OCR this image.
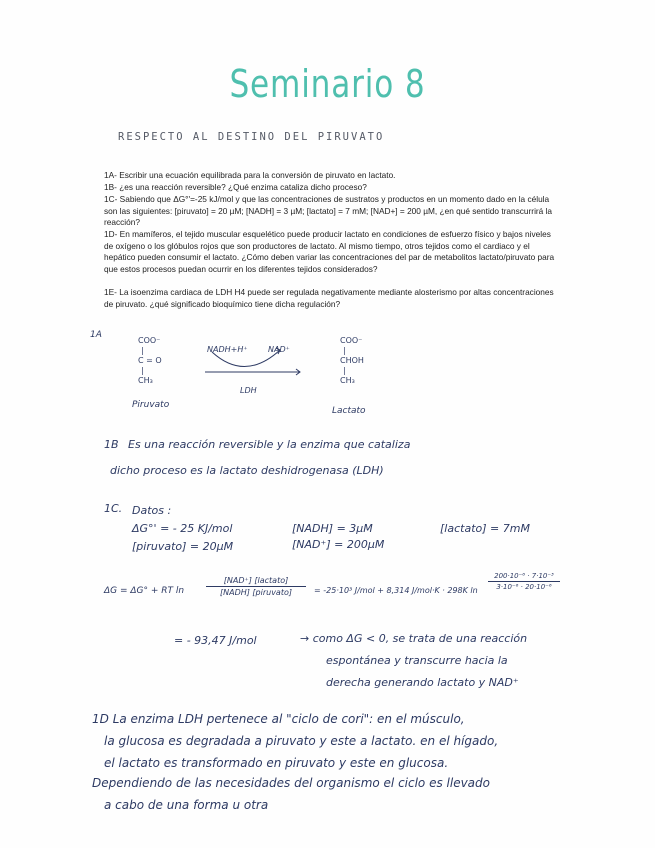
Seminario 8
RESPECTO AL DESTINO DEL PIRUVATO
1A- Escribir una ecuación equilibrada para la conversión de piruvato en lactato.
1B- ¿es una reacción reversible? ¿Qué enzima cataliza dicho proceso?
1C- Sabiendo que ΔG°'=-25 kJ/mol y que las concentraciones de sustratos y productos en un momento dado en la célula son las siguientes: [piruvato] = 20 µM; [NADH] = 3 µM; [lactato] = 7 mM; [NAD+] = 200 µM, ¿en qué sentido transcurrirá la reacción?
1D- En mamíferos, el tejido muscular esquelético puede producir lactato en condiciones de esfuerzo físico y bajos niveles de oxígeno o los glóbulos rojos que son productores de lactato. Al mismo tiempo, otros tejidos como el cardiaco y el hepático pueden consumir el lactato. ¿Cómo deben variar las concentraciones del par de metabolitos lactato/piruvato para que estos procesos puedan ocurrir en los diferentes tejidos considerados?
1E- La isoenzima cardiaca de LDH H4 puede ser regulada negativamente mediante alosterismo por altas concentraciones de piruvato. ¿qué significado bioquímico tiene dicha regulación?
1A
COO⁻
|
C = O
|
CH₃
Piruvato
NADH+H⁺	NAD⁺
LDH
COO⁻
|
CHOH
|
CH₃
Lactato
1B Es una reacción reversible y la enzima que cataliza
dicho proceso es la lactato deshidrogenasa (LDH)
1C. Datos :
ΔG°' = - 25 KJ/mol	[NADH] = 3µM	[lactato] = 7mM
[piruvato] = 20µM	[NAD⁺] = 200µM
ΔG = ΔG° + RT ln
[NAD⁺] [lactato]
[NADH] [piruvato]	= -25·10³ J/mol + 8,314 J/mol·K · 298K ln
200·10⁻⁶ · 7·10⁻³
3·10⁻⁶ · 20·10⁻⁶
= - 93,47 J/mol	→ como ΔG < 0, se trata de una reacción
espontánea y transcurre hacia la
derecha generando lactato y NAD⁺
1D La enzima LDH pertenece al "ciclo de cori": en el músculo,
la glucosa es degradada a piruvato y este a lactato. en el hígado,
el lactato es transformado en piruvato y este en glucosa.
Dependiendo de las necesidades del organismo el ciclo es llevado
a cabo de una forma u otra
